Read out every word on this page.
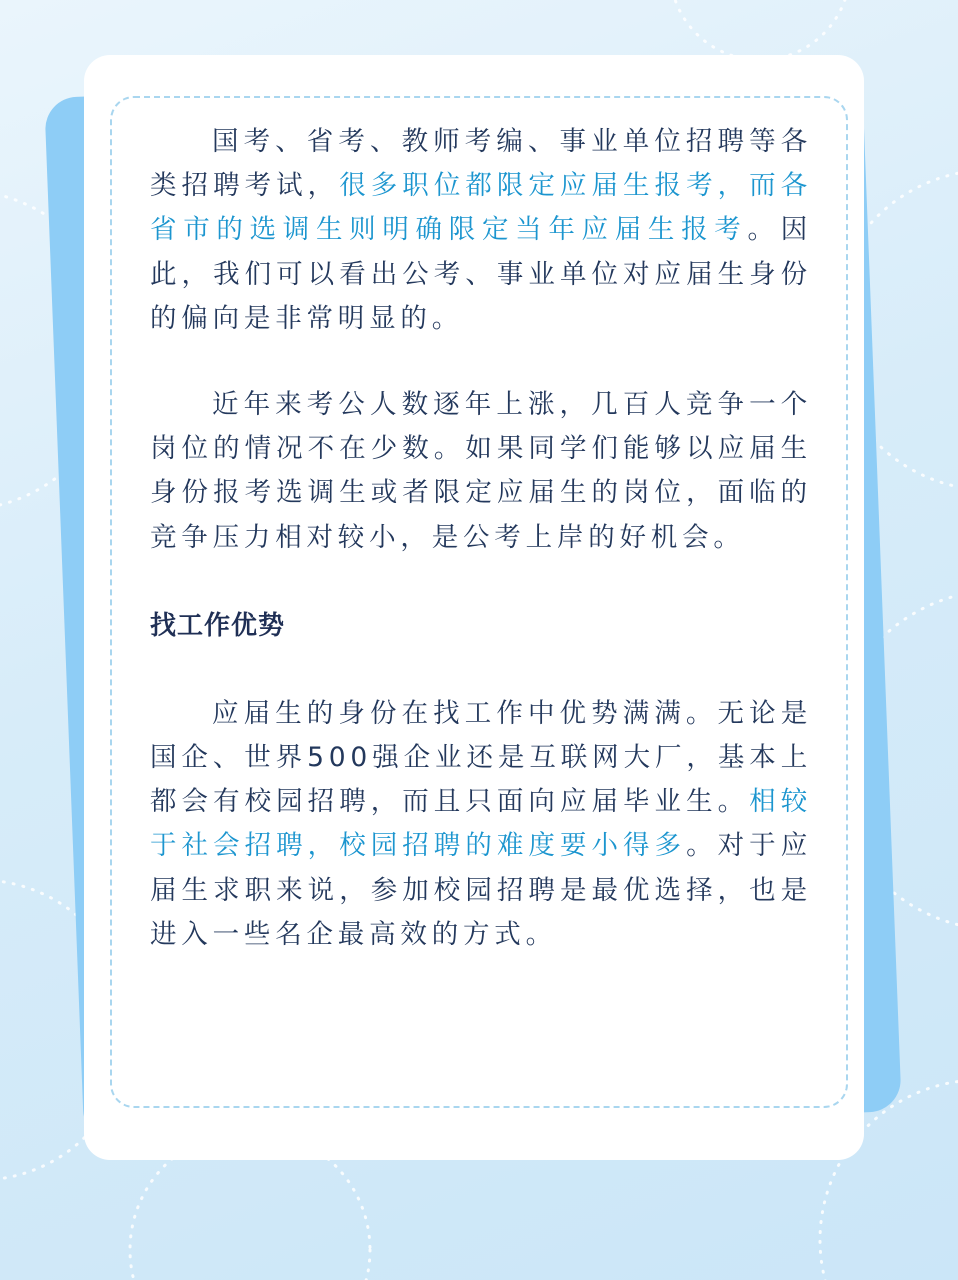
国考、省考、教师考编、事业单位招聘等各类招聘考试，很多职位都限定应届生报考，而各省市的选调生则明确限定当年应届生报考。因此，我们可以看出公考、事业单位对应届生身份的偏向是非常明显的。

近年来考公人数逐年上涨，几百人竞争一个岗位的情况不在少数。如果同学们能够以应届生身份报考选调生或者限定应届生的岗位，面临的竞争压力相对较小，是公考上岸的好机会。

找工作优势

应届生的身份在找工作中优势满满。无论是国企、世界500强企业还是互联网大厂，基本上都会有校园招聘，而且只面向应届毕业生。相较于社会招聘，校园招聘的难度要小得多。对于应届生求职来说，参加校园招聘是最优选择，也是进入一些名企最高效的方式。
